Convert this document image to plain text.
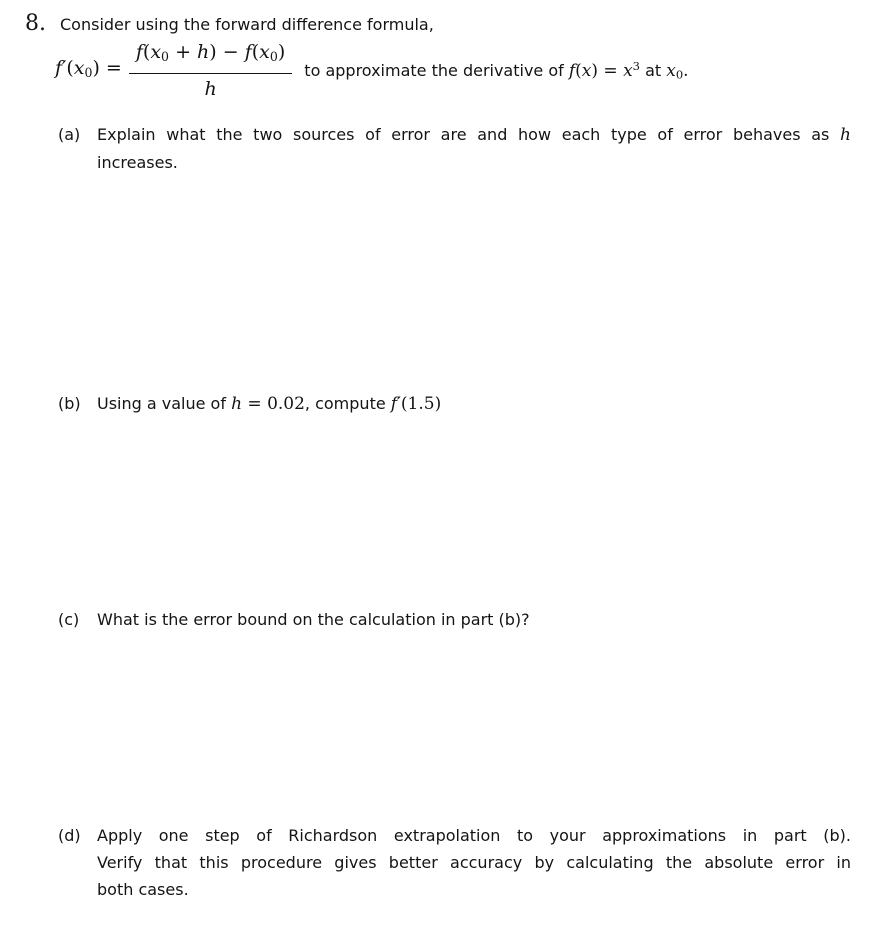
8. Consider using the forward difference formula,
$f'(x0) = \frac{f(x0 + h) - f(x0)}{h}$ to approximate the derivative of $f(x) = x^3$ at x0.
(a)	Explain what the two sources of error are and how each type of error behaves as h
increases.
(b)	Using a value of h = 0.02, compute f′(1.5)
(c)	What is the error bound on the calculation in part (b)?
(d)	Apply one step of Richardson extrapolation to your approximations in part (b).
Verify that this procedure gives better accuracy by calculating the absolute error in
both cases.
